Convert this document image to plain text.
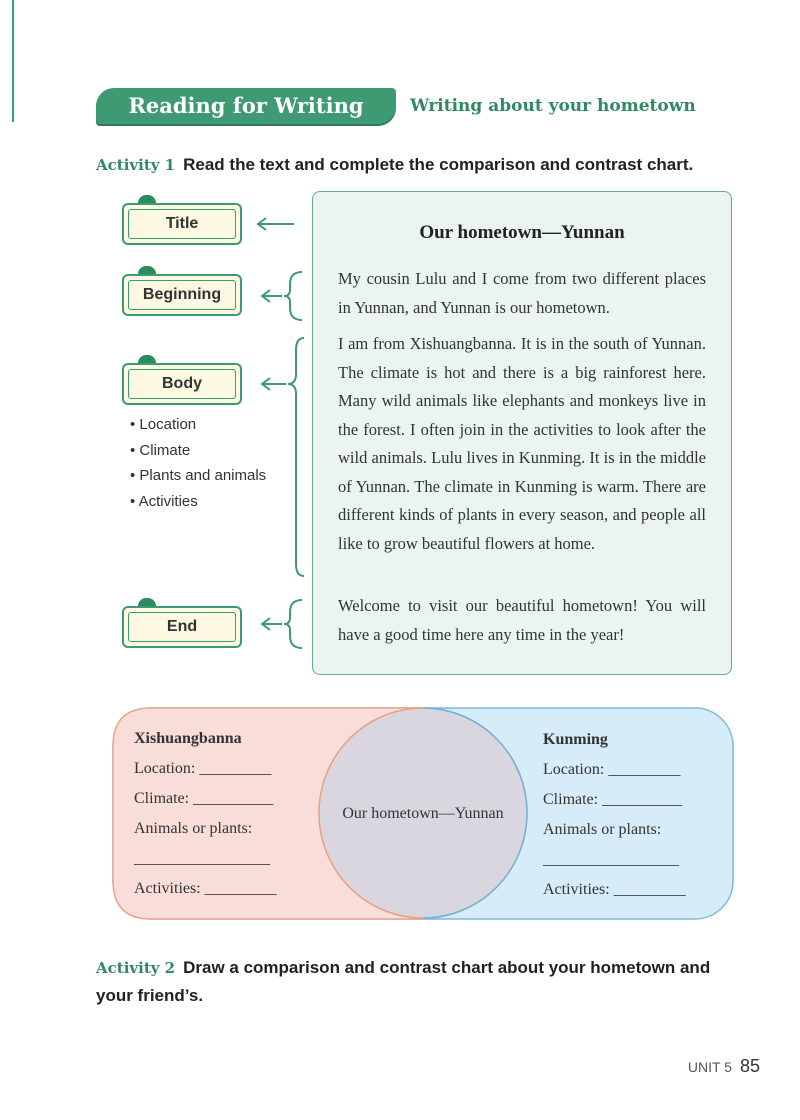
Reading for Writing	Writing about your hometown
Activity 1 Read the text and complete the comparison and contrast chart.
Title
Beginning
Body
End
• Location
• Climate
• Plants and animals
• Activities
Our hometown—Yunnan

My cousin Lulu and I come from two different places in Yunnan, and Yunnan is our hometown.

I am from Xishuangbanna. It is in the south of Yunnan. The climate is hot and there is a big rainforest here. Many wild animals like elephants and monkeys live in the forest. I often join in the activities to look after the wild animals. Lulu lives in Kunming. It is in the middle of Yunnan. The climate in Kunming is warm. There are different kinds of plants in every season, and people all like to grow beautiful flowers at home.

Welcome to visit our beautiful hometown! You will have a good time here any time in the year!

Xishuangbanna
Location: _________
Climate: __________
Animals or plants:
_________________
Activities: _________
Our hometown—Yunnan
Kunming
Location: _________
Climate: __________
Animals or plants:
_________________
Activities: _________
Activity 2 Draw a comparison and contrast chart about your hometown and your friend’s.
UNIT 5 85
